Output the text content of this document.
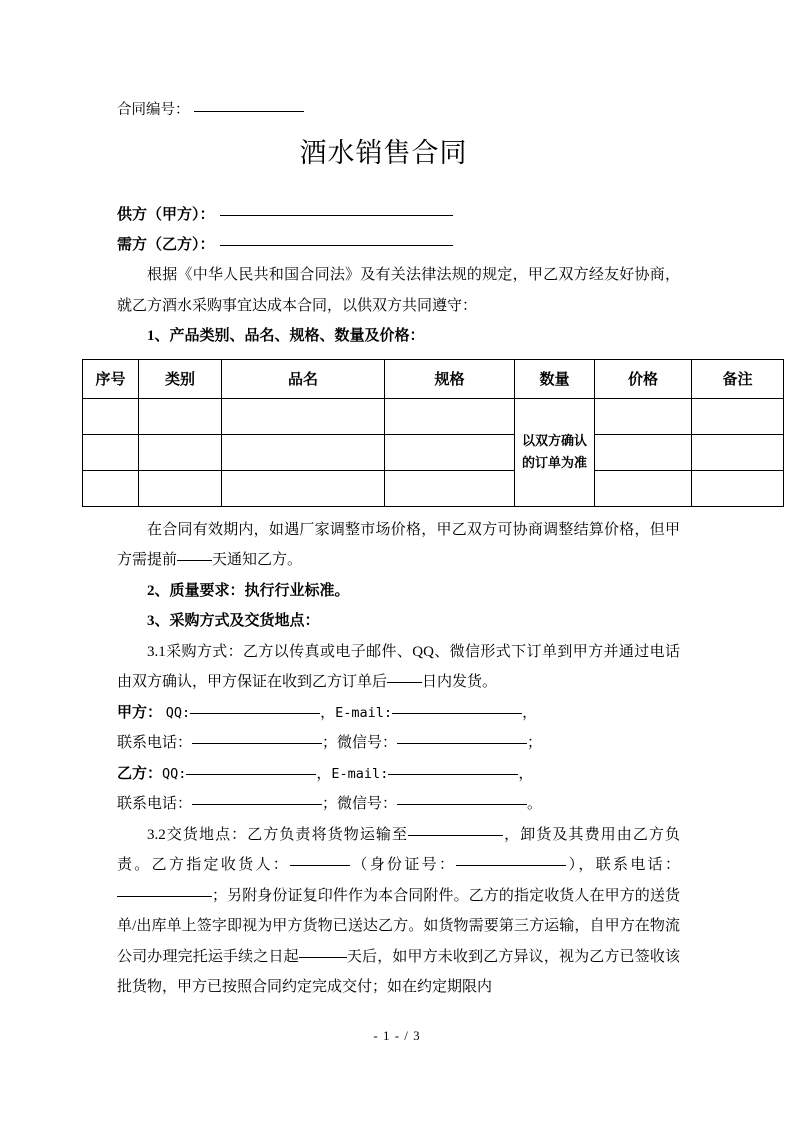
合同编号：
酒水销售合同
供方（甲方）：
需方（乙方）：

根据《中华人民共和国合同法》及有关法律法规的规定，甲乙双方经友好协商，就乙方酒水采购事宜达成本合同，以供双方共同遵守：

1、产品类别、品名、规格、数量及价格：

序号	类别	品名	规格	数量	价格	备注
				以双方确认的订单为准		

在合同有效期内，如遇厂家调整市场价格，甲乙双方可协商调整结算价格，但甲方需提前 天通知乙方。

2、质量要求：执行行业标准。

3、采购方式及交货地点：

3.1采购方式：乙方以传真或电子邮件、QQ、微信形式下订单到甲方并通过电话由双方确认，甲方保证在收到乙方订单后 日内发货。

甲方： QQ:	，E-mail:	，
联系电话：	；微信号：	；
乙方：QQ:	，E-mail:	，
联系电话：	；微信号：	。

3.2交货地点：乙方负责将货物运输至	，卸货及其费用由乙方负责。乙方指定收货人：	（身份证号：	），联系电话：；另附身份证复印件作为本合同附件。乙方的指定收货人在甲方的送货单/出库单上签字即视为甲方货物已送达乙方。如货物需要第三方运输，自甲方在物流公司办理完托运手续之日起	天后，如甲方未收到乙方异议，视为乙方已签收该批货物，甲方已按照合同约定完成交付；如在约定期限内

- 1 - / 3
